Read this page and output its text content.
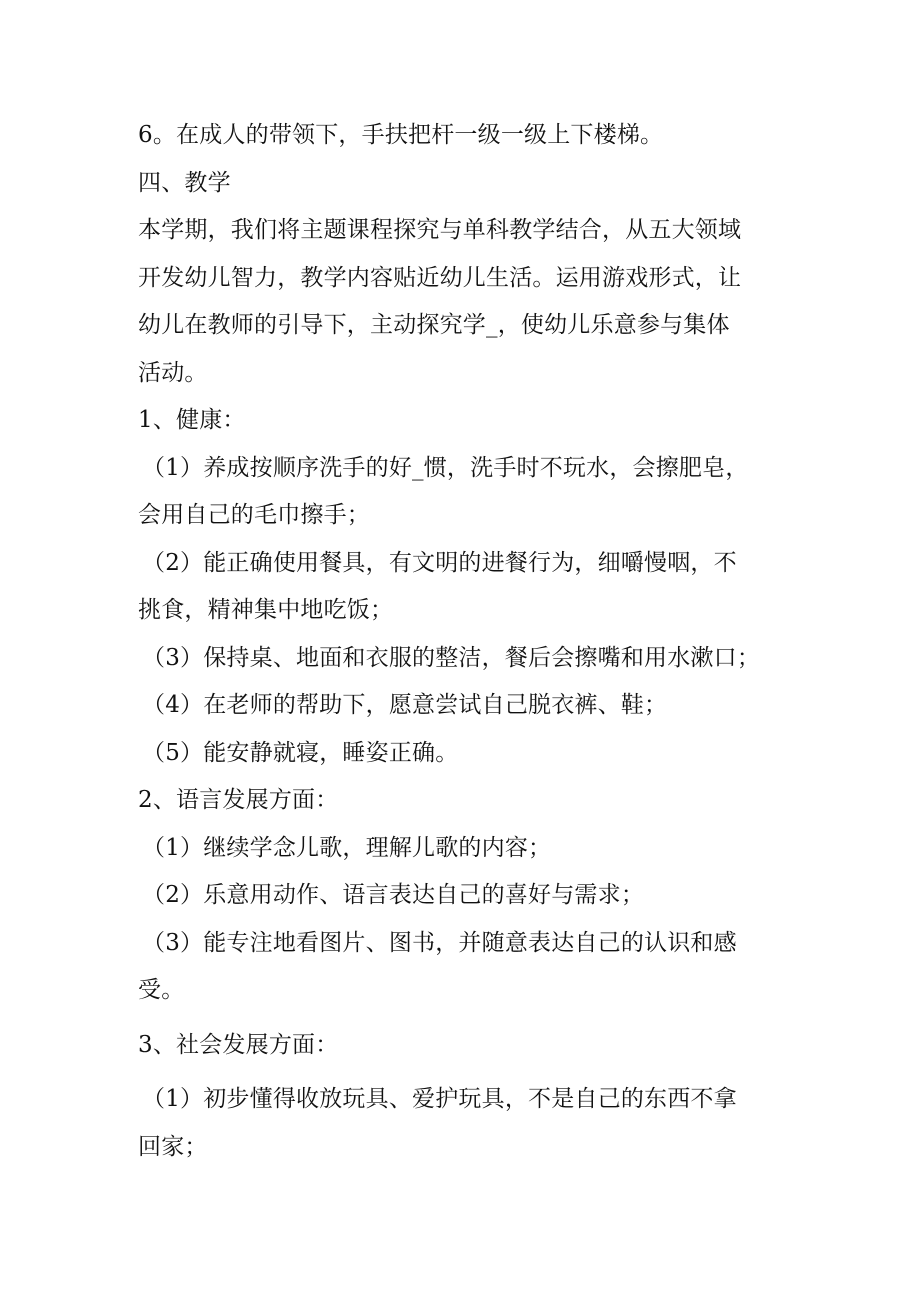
6。在成人的带领下，手扶把杆一级一级上下楼梯。

四、教学

本学期，我们将主题课程探究与单科教学结合，从五大领域

开发幼儿智力，教学内容贴近幼儿生活。运用游戏形式，让

幼儿在教师的引导下，主动探究学_，使幼儿乐意参与集体

活动。

1、健康：

（1）养成按顺序洗手的好_惯，洗手时不玩水，会擦肥皂，

会用自己的毛巾擦手；

（2）能正确使用餐具，有文明的进餐行为，细嚼慢咽，不

挑食，精神集中地吃饭；

（3）保持桌、地面和衣服的整洁，餐后会擦嘴和用水漱口；

（4）在老师的帮助下，愿意尝试自己脱衣裤、鞋；

（5）能安静就寝，睡姿正确。

2、语言发展方面：

（1）继续学念儿歌，理解儿歌的内容；

（2）乐意用动作、语言表达自己的喜好与需求；

（3）能专注地看图片、图书，并随意表达自己的认识和感

受。

3、社会发展方面：

（1）初步懂得收放玩具、爱护玩具，不是自己的东西不拿

回家；
